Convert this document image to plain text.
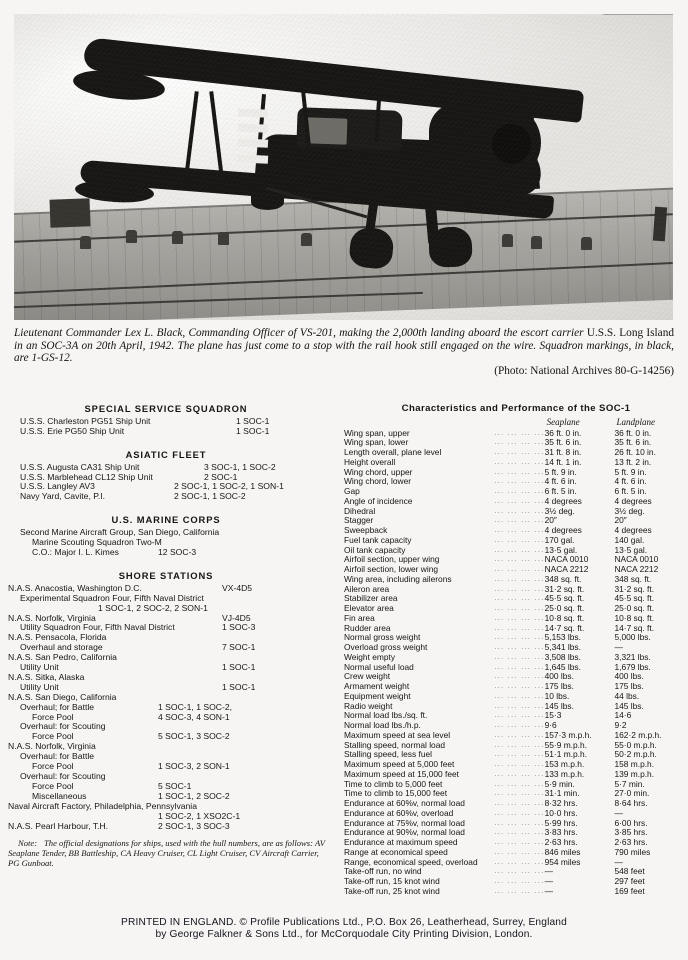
Lieutenant Commander Lex L. Black, Commanding Officer of VS-201, making the 2,000th landing aboard the escort carrier U.S.S. Long Island in an SOC-3A on 20th April, 1942. The plane has just come to a stop with the rail hook still engaged on the wire. Squadron markings, in black, are 1-GS-12.
(Photo: National Archives 80-G-14256)
SPECIAL SERVICE SQUADRON
U.S.S. Charleston PG51 Ship Unit	1 SOC-1
U.S.S. Erie PG50 Ship Unit	1 SOC-1
ASIATIC FLEET
U.S.S. Augusta CA31 Ship Unit	3 SOC-1, 1 SOC-2
U.S.S. Marblehead CL12 Ship Unit	2 SOC-1
U.S.S. Langley AV3	2 SOC-1, 1 SOC-2, 1 SON-1
Navy Yard, Cavite, P.I.	2 SOC-1, 1 SOC-2
U.S. MARINE CORPS
Second Marine Aircraft Group, San Diego, California
Marine Scouting Squadron Two-M
C.O.: Major I. L. Kimes	12 SOC-3
SHORE STATIONS
N.A.S. Anacostia, Washington D.C.	VX-4D5
Experimental Squadron Four, Fifth Naval District
1 SOC-1, 2 SOC-2, 2 SON-1
N.A.S. Norfolk, Virginia	VJ-4D5
Utility Squadron Four, Fifth Naval District	1 SOC-3
N.A.S. Pensacola, Florida
Overhaul and storage	7 SOC-1
N.A.S. San Pedro, California
Utility Unit	1 SOC-1
N.A.S. Sitka, Alaska
Utility Unit	1 SOC-1
N.A.S. San Diego, California
Overhaul; for Battle	1 SOC-1, 1 SOC-2,
Force Pool	4 SOC-3, 4 SON-1
Overhaul: for Scouting
Force Pool	5 SOC-1, 3 SOC-2
N.A.S. Norfolk, Virginia
Overhaul: for Battle
Force Pool	1 SOC-3, 2 SON-1
Overhaul: for Scouting
Force Pool	5 SOC-1
Miscellaneous	1 SOC-1, 2 SOC-2
Naval Aircraft Factory, Philadelphia, Pennsylvania
1 SOC-2, 1 XSO2C-1
N.A.S. Pearl Harbour, T.H.	2 SOC-1, 3 SOC-3
Note: The official designations for ships, used with the hull numbers, are as follows: AV Seaplane Tender, BB Battleship, CA Heavy Cruiser, CL Light Cruiser, CV Aircraft Carrier, PG Gunboat.
Characteristics and Performance of the SOC-1
		Seaplane	Landplane
Wing span, upper	...	36 ft. 0 in.	36 ft. 0 in.
Wing span, lower	...	35 ft. 6 in.	35 ft. 6 in.
Length overall, plane level	...	31 ft. 8 in.	26 ft. 10 in.
Height overall	...	14 ft. 1 in.	13 ft. 2 in.
Wing chord, upper	...	5 ft. 9 in.	5 ft. 9 in.
Wing chord, lower	...	4 ft. 6 in.	4 ft. 6 in.
Gap	...	6 ft. 5 in.	6 ft. 5 in.
Angle of incidence	...	4 degrees	4 degrees
Dihedral	...	3½ deg.	3½ deg.
Stagger	...	20″	20″
Sweepback	...	4 degrees	4 degrees
Fuel tank capacity	...	170 gal.	140 gal.
Oil tank capacity	...	13·5 gal.	13·5 gal.
Airfoil section, upper wing	...	NACA 0010	NACA 0010
Airfoil section, lower wing	...	NACA 2212	NACA 2212
Wing area, including ailerons	...	348 sq. ft.	348 sq. ft.
Aileron area	...	31·2 sq. ft.	31·2 sq. ft.
Stabilizer area	...	45·5 sq. ft.	45·5 sq. ft.
Elevator area	...	25·0 sq. ft.	25·0 sq. ft.
Fin area	...	10·8 sq. ft.	10·8 sq. ft.
Rudder area	...	14·7 sq. ft.	14·7 sq. ft.
Normal gross weight	...	5,153 lbs.	5,000 lbs.
Overload gross weight	...	5,341 lbs.	—
Weight empty	...	3,508 lbs.	3,321 lbs.
Normal useful load	...	1,645 lbs.	1,679 lbs.
Crew weight	...	400 lbs.	400 lbs.
Armament weight	...	175 lbs.	175 lbs.
Equipment weight	...	10 lbs.	44 lbs.
Radio weight	...	145 lbs.	145 lbs.
Normal load lbs./sq. ft.	...	15·3	14·6
Normal load lbs./h.p.	...	9·6	9·2
Maximum speed at sea level	...	157·3 m.p.h.	162·2 m.p.h.
Stalling speed, normal load	...	55·9 m.p.h.	55·0 m.p.h.
Stalling speed, less fuel	...	51·1 m.p.h.	50·2 m.p.h.
Maximum speed at 5,000 feet	...	153 m.p.h.	158 m.p.h.
Maximum speed at 15,000 feet	...	133 m.p.h.	139 m.p.h.
Time to climb to 5,000 feet	...	5·9 min.	5·7 min.
Time to climb to 15,000 feet	...	31·1 min.	27·0 min.
Endurance at 60%v, normal load	...	8·32 hrs.	8·64 hrs.
Endurance at 60%v, overload	...	10·0 hrs.	—
Endurance at 75%v, normal load	...	5·99 hrs.	6·00 hrs.
Endurance at 90%v, normal load	...	3·83 hrs.	3·85 hrs.
Endurance at maximum speed	...	2·63 hrs.	2·63 hrs.
Range at economical speed	...	846 miles	790 miles
Range, economical speed, overload	...	954 miles	—
Take-off run, no wind	...	—	548 feet
Take-off run, 15 knot wind	...	—	297 feet
Take-off run, 25 knot wind	...	—	169 feet
PRINTED IN ENGLAND. © Profile Publications Ltd., P.O. Box 26, Leatherhead, Surrey, England
by George Falkner & Sons Ltd., for McCorquodale City Printing Division, London.
